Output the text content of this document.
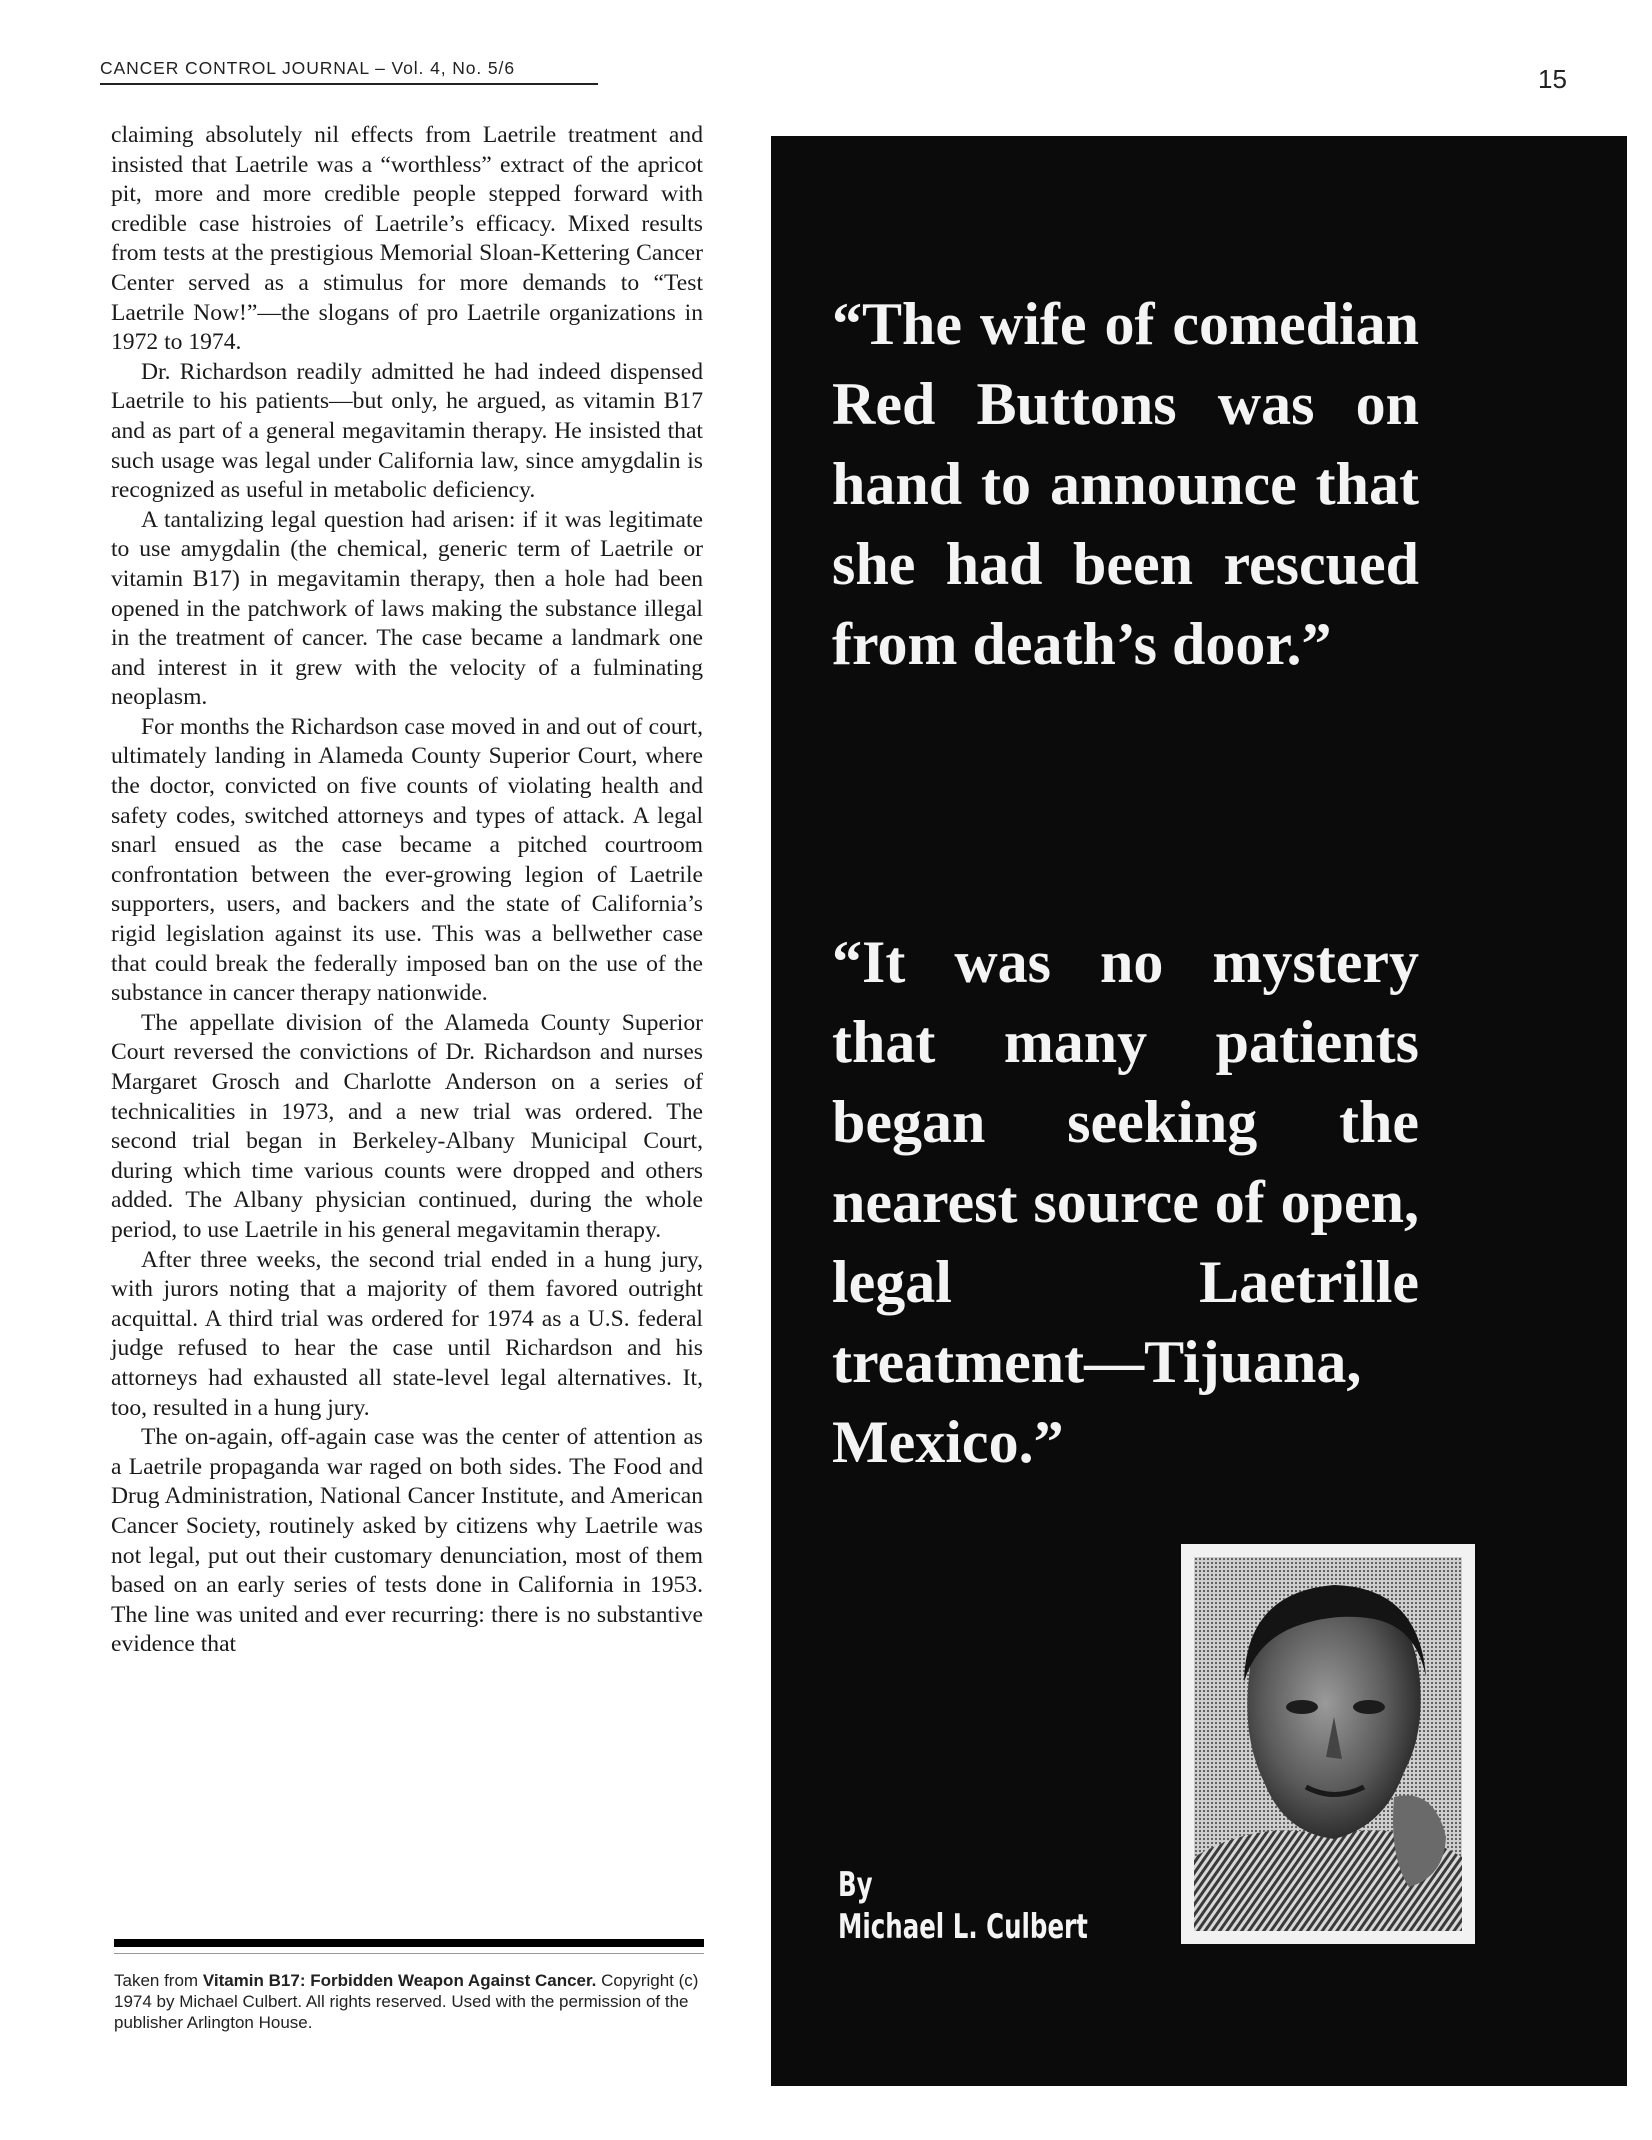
CANCER CONTROL JOURNAL – Vol. 4, No. 5/6	15

claiming absolutely nil effects from Laetrile treatment and insisted that Laetrile was a “worthless” extract of the apricot pit, more and more credible people stepped forward with credible case histroies of Laetrile’s efficacy. Mixed results from tests at the prestigious Memorial Sloan-Kettering Cancer Center served as a stimulus for more demands to “Test Laetrile Now!”—the slogans of pro Laetrile organizations in 1972 to 1974.

Dr. Richardson readily admitted he had indeed dispensed Laetrile to his patients—but only, he argued, as vitamin B17 and as part of a general megavitamin therapy. He insisted that such usage was legal under California law, since amygdalin is recognized as useful in metabolic deficiency.

A tantalizing legal question had arisen: if it was legitimate to use amygdalin (the chemical, generic term of Laetrile or vitamin B17) in megavitamin therapy, then a hole had been opened in the patchwork of laws making the substance illegal in the treatment of cancer. The case became a landmark one and interest in it grew with the velocity of a fulminating neoplasm.

For months the Richardson case moved in and out of court, ultimately landing in Alameda County Superior Court, where the doctor, convicted on five counts of violating health and safety codes, switched attorneys and types of attack. A legal snarl ensued as the case became a pitched courtroom confrontation between the ever-growing legion of Laetrile supporters, users, and backers and the state of California’s rigid legislation against its use. This was a bellwether case that could break the federally imposed ban on the use of the substance in cancer therapy nationwide.

The appellate division of the Alameda County Superior Court reversed the convictions of Dr. Richardson and nurses Margaret Grosch and Charlotte Anderson on a series of technicalities in 1973, and a new trial was ordered. The second trial began in Berkeley-Albany Municipal Court, during which time various counts were dropped and others added. The Albany physician continued, during the whole period, to use Laetrile in his general megavitamin therapy.

After three weeks, the second trial ended in a hung jury, with jurors noting that a majority of them favored outright acquittal. A third trial was ordered for 1974 as a U.S. federal judge refused to hear the case until Richardson and his attorneys had exhausted all state-level legal alternatives. It, too, resulted in a hung jury.

The on-again, off-again case was the center of attention as a Laetrile propaganda war raged on both sides. The Food and Drug Administration, National Cancer Institute, and American Cancer Society, routinely asked by citizens why Laetrile was not legal, put out their customary denunciation, most of them based on an early series of tests done in California in 1953. The line was united and ever recurring: there is no substantive evidence that

Taken from Vitamin B17: Forbidden Weapon Against Cancer. Copyright (c) 1974 by Michael Culbert. All rights reserved. Used with the permission of the publisher Arlington House.

“The wife of comedian Red Buttons was on hand to announce that she had been rescued from death’s door.”

“It was no mystery that many patients began seeking the nearest source of open, legal Laetrille treatment—Tijuana, Mexico.”

By
Michael L. Culbert
